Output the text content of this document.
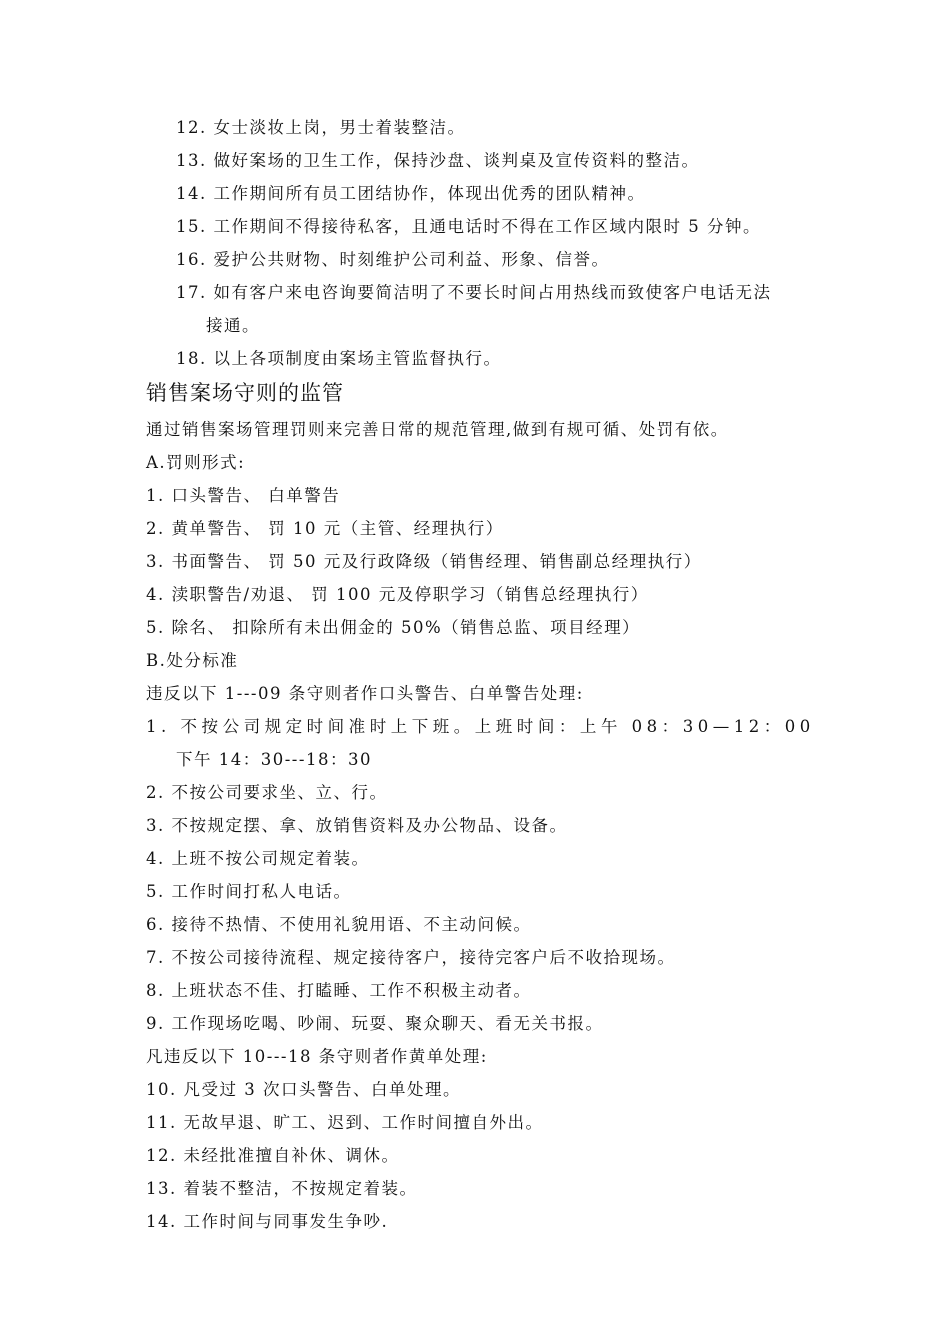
12. 女士淡妆上岗，男士着装整洁。
13. 做好案场的卫生工作，保持沙盘、谈判桌及宣传资料的整洁。
14. 工作期间所有员工团结协作，体现出优秀的团队精神。
15. 工作期间不得接待私客，且通电话时不得在工作区域内限时 5 分钟。
16. 爱护公共财物、时刻维护公司利益、形象、信誉。
17. 如有客户来电咨询要简洁明了不要长时间占用热线而致使客户电话无法
接通。
18. 以上各项制度由案场主管监督执行。
销售案场守则的监管
通过销售案场管理罚则来完善日常的规范管理,做到有规可循、处罚有依。
A.罚则形式:
1. 口头警告、 白单警告
2. 黄单警告、 罚 10 元（主管、经理执行）
3. 书面警告、 罚 50 元及行政降级（销售经理、销售副总经理执行）
4. 渎职警告/劝退、 罚 100 元及停职学习（销售总经理执行）
5. 除名、 扣除所有未出佣金的 50%（销售总监、项目经理）
B.处分标准
违反以下 1---09 条守则者作口头警告、白单警告处理:
1. 不按公司规定时间准时上下班。上班时间：上午 08：30—12：00
下午 14：30---18：30
2. 不按公司要求坐、立、行。
3. 不按规定摆、拿、放销售资料及办公物品、设备。
4. 上班不按公司规定着装。
5. 工作时间打私人电话。
6. 接待不热情、不使用礼貌用语、不主动问候。
7. 不按公司接待流程、规定接待客户，接待完客户后不收拾现场。
8. 上班状态不佳、打瞌睡、工作不积极主动者。
9. 工作现场吃喝、吵闹、玩耍、聚众聊天、看无关书报。
凡违反以下 10---18 条守则者作黄单处理:
10. 凡受过 3 次口头警告、白单处理。
11. 无故早退、旷工、迟到、工作时间擅自外出。
12. 未经批准擅自补休、调休。
13. 着装不整洁，不按规定着装。
14. 工作时间与同事发生争吵.
